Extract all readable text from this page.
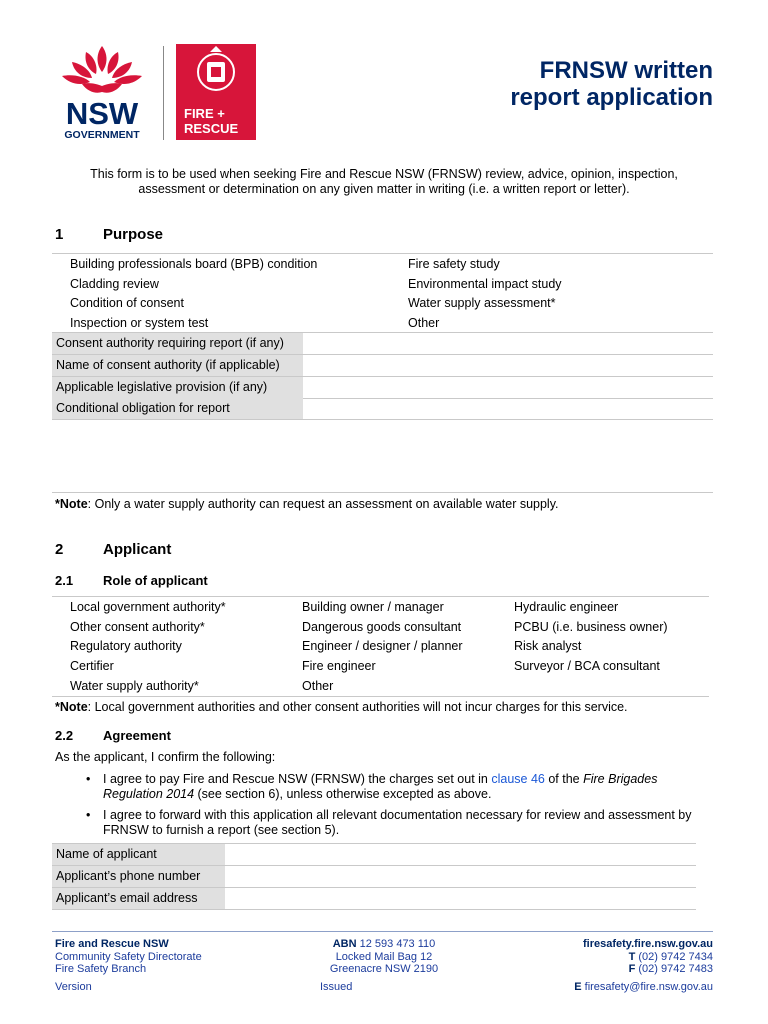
NSW
GOVERNMENT
FIRE +
RESCUE
FRNSW written
report application
This form is to be used when seeking Fire and Rescue NSW (FRNSW) review, advice, opinion, inspection, assessment or determination on any given matter in writing (i.e. a written report or letter).
1	Purpose
Building professionals board (BPB) condition
Cladding review
Condition of consent
Inspection or system test
Fire safety study
Environmental impact study
Water supply assessment*
Other
Consent authority requiring report (if any)
Name of consent authority (if applicable)
Applicable legislative provision (if any)
Conditional obligation for report
*Note: Only a water supply authority can request an assessment on available water supply.
2	Applicant
2.1 Role of applicant
Local government authority*
Other consent authority*
Regulatory authority
Certifier
Water supply authority*
Building owner / manager
Dangerous goods consultant
Engineer / designer / planner
Fire engineer
Other
Hydraulic engineer
PCBU (i.e. business owner)
Risk analyst
Surveyor / BCA consultant
*Note: Local government authorities and other consent authorities will not incur charges for this service.
2.2 Agreement
As the applicant, I confirm the following:
• I agree to pay Fire and Rescue NSW (FRNSW) the charges set out in clause 46 of the Fire Brigades Regulation 2014 (see section 6), unless otherwise excepted as above.
• I agree to forward with this application all relevant documentation necessary for review and assessment by FRNSW to furnish a report (see section 5).
Name of applicant
Applicant’s phone number
Applicant’s email address
Fire and Rescue NSW
Community Safety Directorate
Fire Safety Branch
Version
ABN 12 593 473 110
Locked Mail Bag 12
Greenacre NSW 2190
Issued
firesafety.fire.nsw.gov.au
T (02) 9742 7434
F (02) 9742 7483
E firesafety@fire.nsw.gov.au
